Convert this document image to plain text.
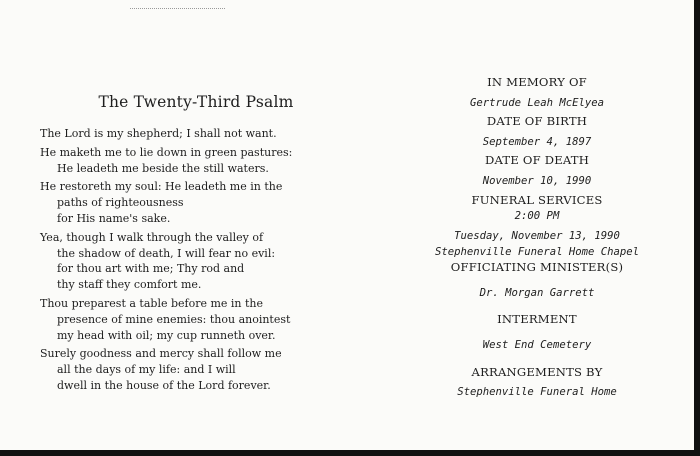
The Twenty-Third Psalm
The Lord is my shepherd; I shall not want.
He maketh me to lie down in green pastures:
He leadeth me beside the still waters.
He restoreth my soul: He leadeth me in the
paths of righteousness
for His name's sake.
Yea, though I walk through the valley of
the shadow of death, I will fear no evil:
for thou art with me; Thy rod and
thy staff they comfort me.
Thou preparest a table before me in the
presence of mine enemies: thou anointest
my head with oil; my cup runneth over.
Surely goodness and mercy shall follow me
all the days of my life: and I will
dwell in the house of the Lord forever.
IN MEMORY OF
Gertrude Leah McElyea
DATE OF BIRTH
September 4, 1897
DATE OF DEATH
November 10, 1990
FUNERAL SERVICES
2:00 PM
Tuesday, November 13, 1990
Stephenville Funeral Home Chapel
OFFICIATING MINISTER(S)
Dr. Morgan Garrett
INTERMENT
West End Cemetery
ARRANGEMENTS BY
Stephenville Funeral Home
